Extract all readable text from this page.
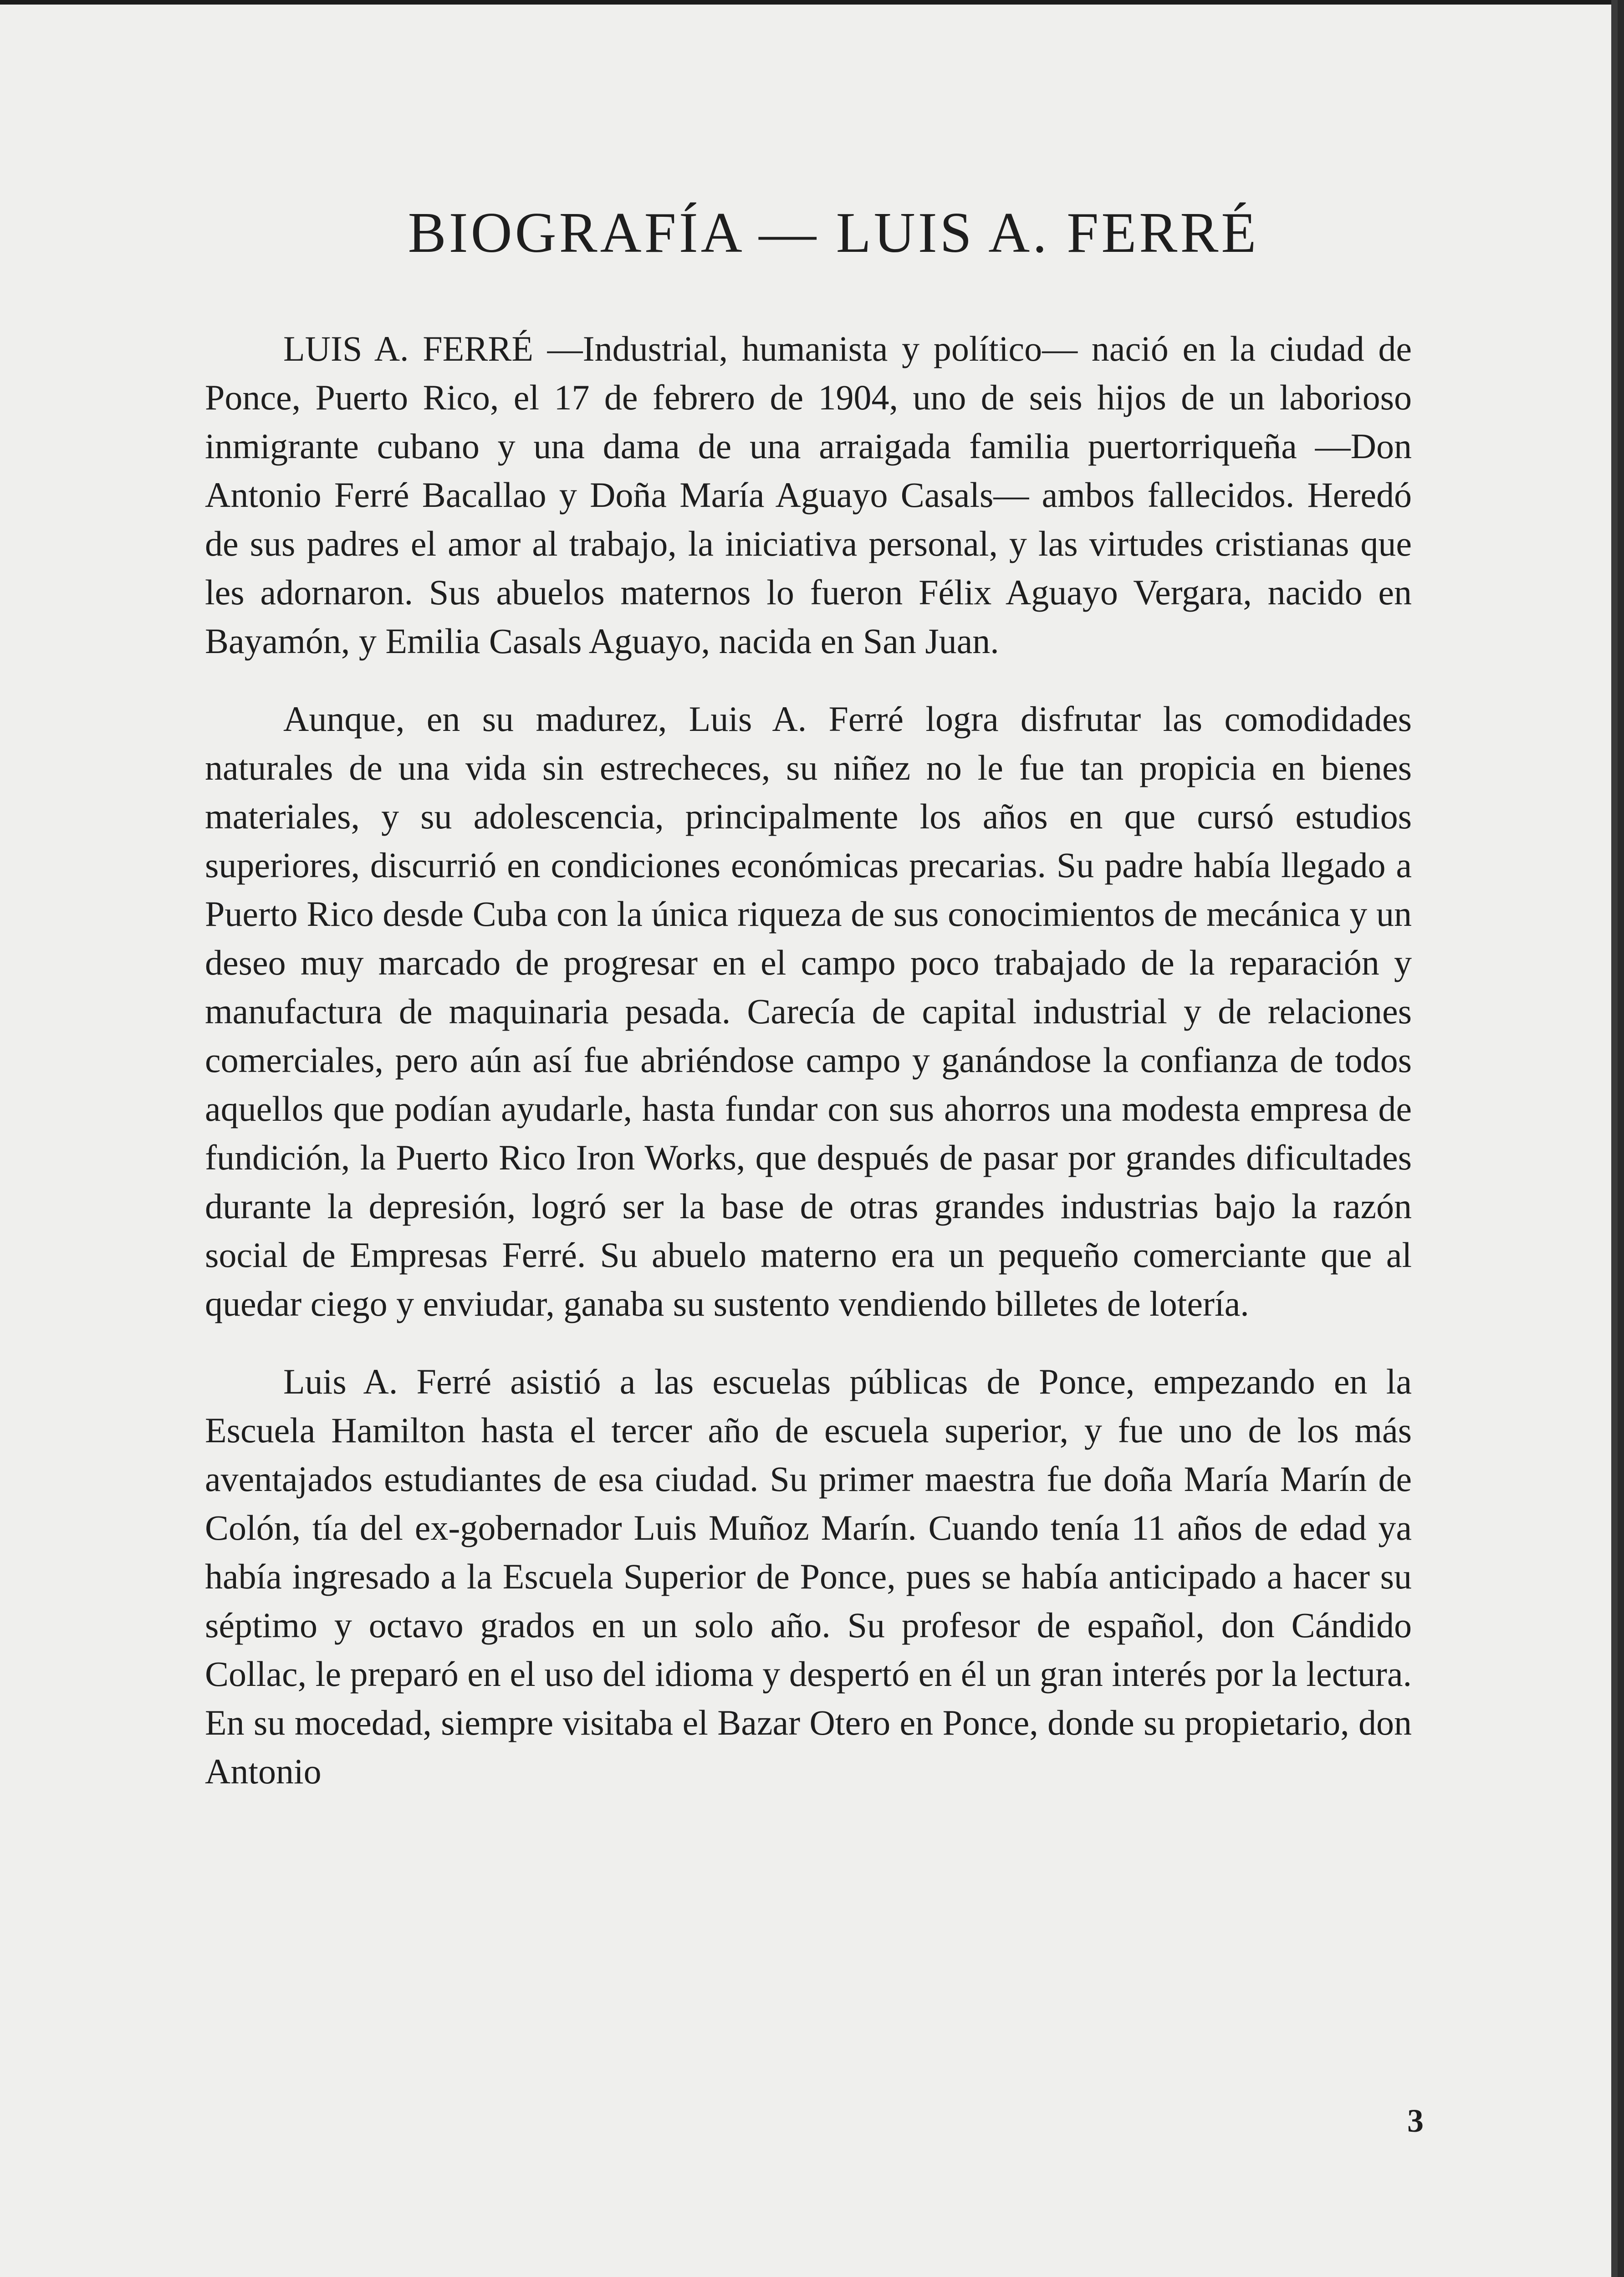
BIOGRAFÍA — LUIS A. FERRÉ

LUIS A. FERRÉ —Industrial, humanista y político— nació en la ciudad de Ponce, Puerto Rico, el 17 de febrero de 1904, uno de seis hijos de un laborioso inmigrante cubano y una dama de una arraigada familia puertorriqueña —Don Antonio Ferré Bacallao y Doña María Aguayo Casals— ambos fallecidos. Heredó de sus padres el amor al trabajo, la iniciativa personal, y las virtudes cristianas que les adornaron. Sus abuelos maternos lo fueron Félix Aguayo Vergara, nacido en Bayamón, y Emilia Casals Aguayo, nacida en San Juan.

Aunque, en su madurez, Luis A. Ferré logra disfrutar las comodidades naturales de una vida sin estrecheces, su niñez no le fue tan propicia en bienes materiales, y su adolescencia, principalmente los años en que cursó estudios superiores, discurrió en condiciones económicas precarias. Su padre había llegado a Puerto Rico desde Cuba con la única riqueza de sus conocimientos de mecánica y un deseo muy marcado de progresar en el campo poco trabajado de la reparación y manufactura de maquinaria pesada. Carecía de capital industrial y de relaciones comerciales, pero aún así fue abriéndose campo y ganándose la confianza de todos aquellos que podían ayudarle, hasta fundar con sus ahorros una modesta empresa de fundición, la Puerto Rico Iron Works, que después de pasar por grandes dificultades durante la depresión, logró ser la base de otras grandes industrias bajo la razón social de Empresas Ferré. Su abuelo materno era un pequeño comerciante que al quedar ciego y enviudar, ganaba su sustento vendiendo billetes de lotería.

Luis A. Ferré asistió a las escuelas públicas de Ponce, empezando en la Escuela Hamilton hasta el tercer año de escuela superior, y fue uno de los más aventajados estudiantes de esa ciudad. Su primer maestra fue doña María Marín de Colón, tía del ex-gobernador Luis Muñoz Marín. Cuando tenía 11 años de edad ya había ingresado a la Escuela Superior de Ponce, pues se había anticipado a hacer su séptimo y octavo grados en un solo año. Su profesor de español, don Cándido Collac, le preparó en el uso del idioma y despertó en él un gran interés por la lectura. En su mocedad, siempre visitaba el Bazar Otero en Ponce, donde su propietario, don Antonio

3
